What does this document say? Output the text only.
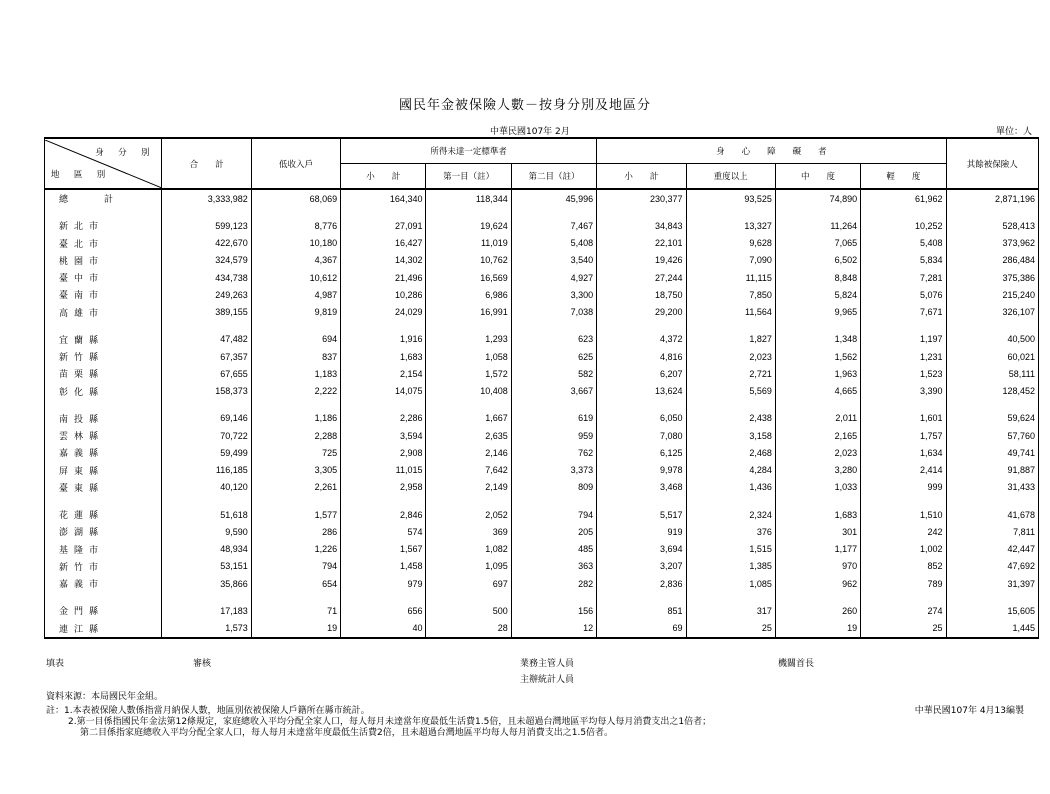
國民年金被保險人數－按身分別及地區分
中華民國107年 2月	單位：人
身 分 別
地 區 別	合　　計	低收入戶	所得未達一定標準者			身　　心　　障　　礙　　者				其餘被保險人
			小　　計	第一目（註）	第二目（註）	小　　計	重度以上	中　　度	輕　　度	
總　　計	3,333,982	68,069	164,340	118,344	45,996	230,377	93,525	74,890	61,962	2,871,196

新北市	599,123	8,776	27,091	19,624	7,467	34,843	13,327	11,264	10,252	528,413
臺北市	422,670	10,180	16,427	11,019	5,408	22,101	9,628	7,065	5,408	373,962
桃園市	324,579	4,367	14,302	10,762	3,540	19,426	7,090	6,502	5,834	286,484
臺中市	434,738	10,612	21,496	16,569	4,927	27,244	11,115	8,848	7,281	375,386
臺南市	249,263	4,987	10,286	6,986	3,300	18,750	7,850	5,824	5,076	215,240
高雄市	389,155	9,819	24,029	16,991	7,038	29,200	11,564	9,965	7,671	326,107

宜蘭縣	47,482	694	1,916	1,293	623	4,372	1,827	1,348	1,197	40,500
新竹縣	67,357	837	1,683	1,058	625	4,816	2,023	1,562	1,231	60,021
苗栗縣	67,655	1,183	2,154	1,572	582	6,207	2,721	1,963	1,523	58,111
彰化縣	158,373	2,222	14,075	10,408	3,667	13,624	5,569	4,665	3,390	128,452

南投縣	69,146	1,186	2,286	1,667	619	6,050	2,438	2,011	1,601	59,624
雲林縣	70,722	2,288	3,594	2,635	959	7,080	3,158	2,165	1,757	57,760
嘉義縣	59,499	725	2,908	2,146	762	6,125	2,468	2,023	1,634	49,741
屏東縣	116,185	3,305	11,015	7,642	3,373	9,978	4,284	3,280	2,414	91,887
臺東縣	40,120	2,261	2,958	2,149	809	3,468	1,436	1,033	999	31,433

花蓮縣	51,618	1,577	2,846	2,052	794	5,517	2,324	1,683	1,510	41,678
澎湖縣	9,590	286	574	369	205	919	376	301	242	7,811
基隆市	48,934	1,226	1,567	1,082	485	3,694	1,515	1,177	1,002	42,447
新竹市	53,151	794	1,458	1,095	363	3,207	1,385	970	852	47,692
嘉義市	35,866	654	979	697	282	2,836	1,085	962	789	31,397

金門縣	17,183	71	656	500	156	851	317	260	274	15,605
連江縣	1,573	19	40	28	12	69	25	19	25	1,445
填表	審核	業務主管人員	機關首長
主辦統計人員
資料來源：本局國民年金組。
註：1.本表被保險人數係指當月納保人數，地區別依被保險人戶籍所在縣市統計。
2.第一目係指國民年金法第12條規定，家庭總收入平均分配全家人口，每人每月未達當年度最低生活費1.5倍，且未超過台灣地區平均每人每月消費支出之1倍者；
第二目係指家庭總收入平均分配全家人口，每人每月未達當年度最低生活費2倍，且未超過台灣地區平均每人每月消費支出之1.5倍者。
中華民國107年 4月13編製
